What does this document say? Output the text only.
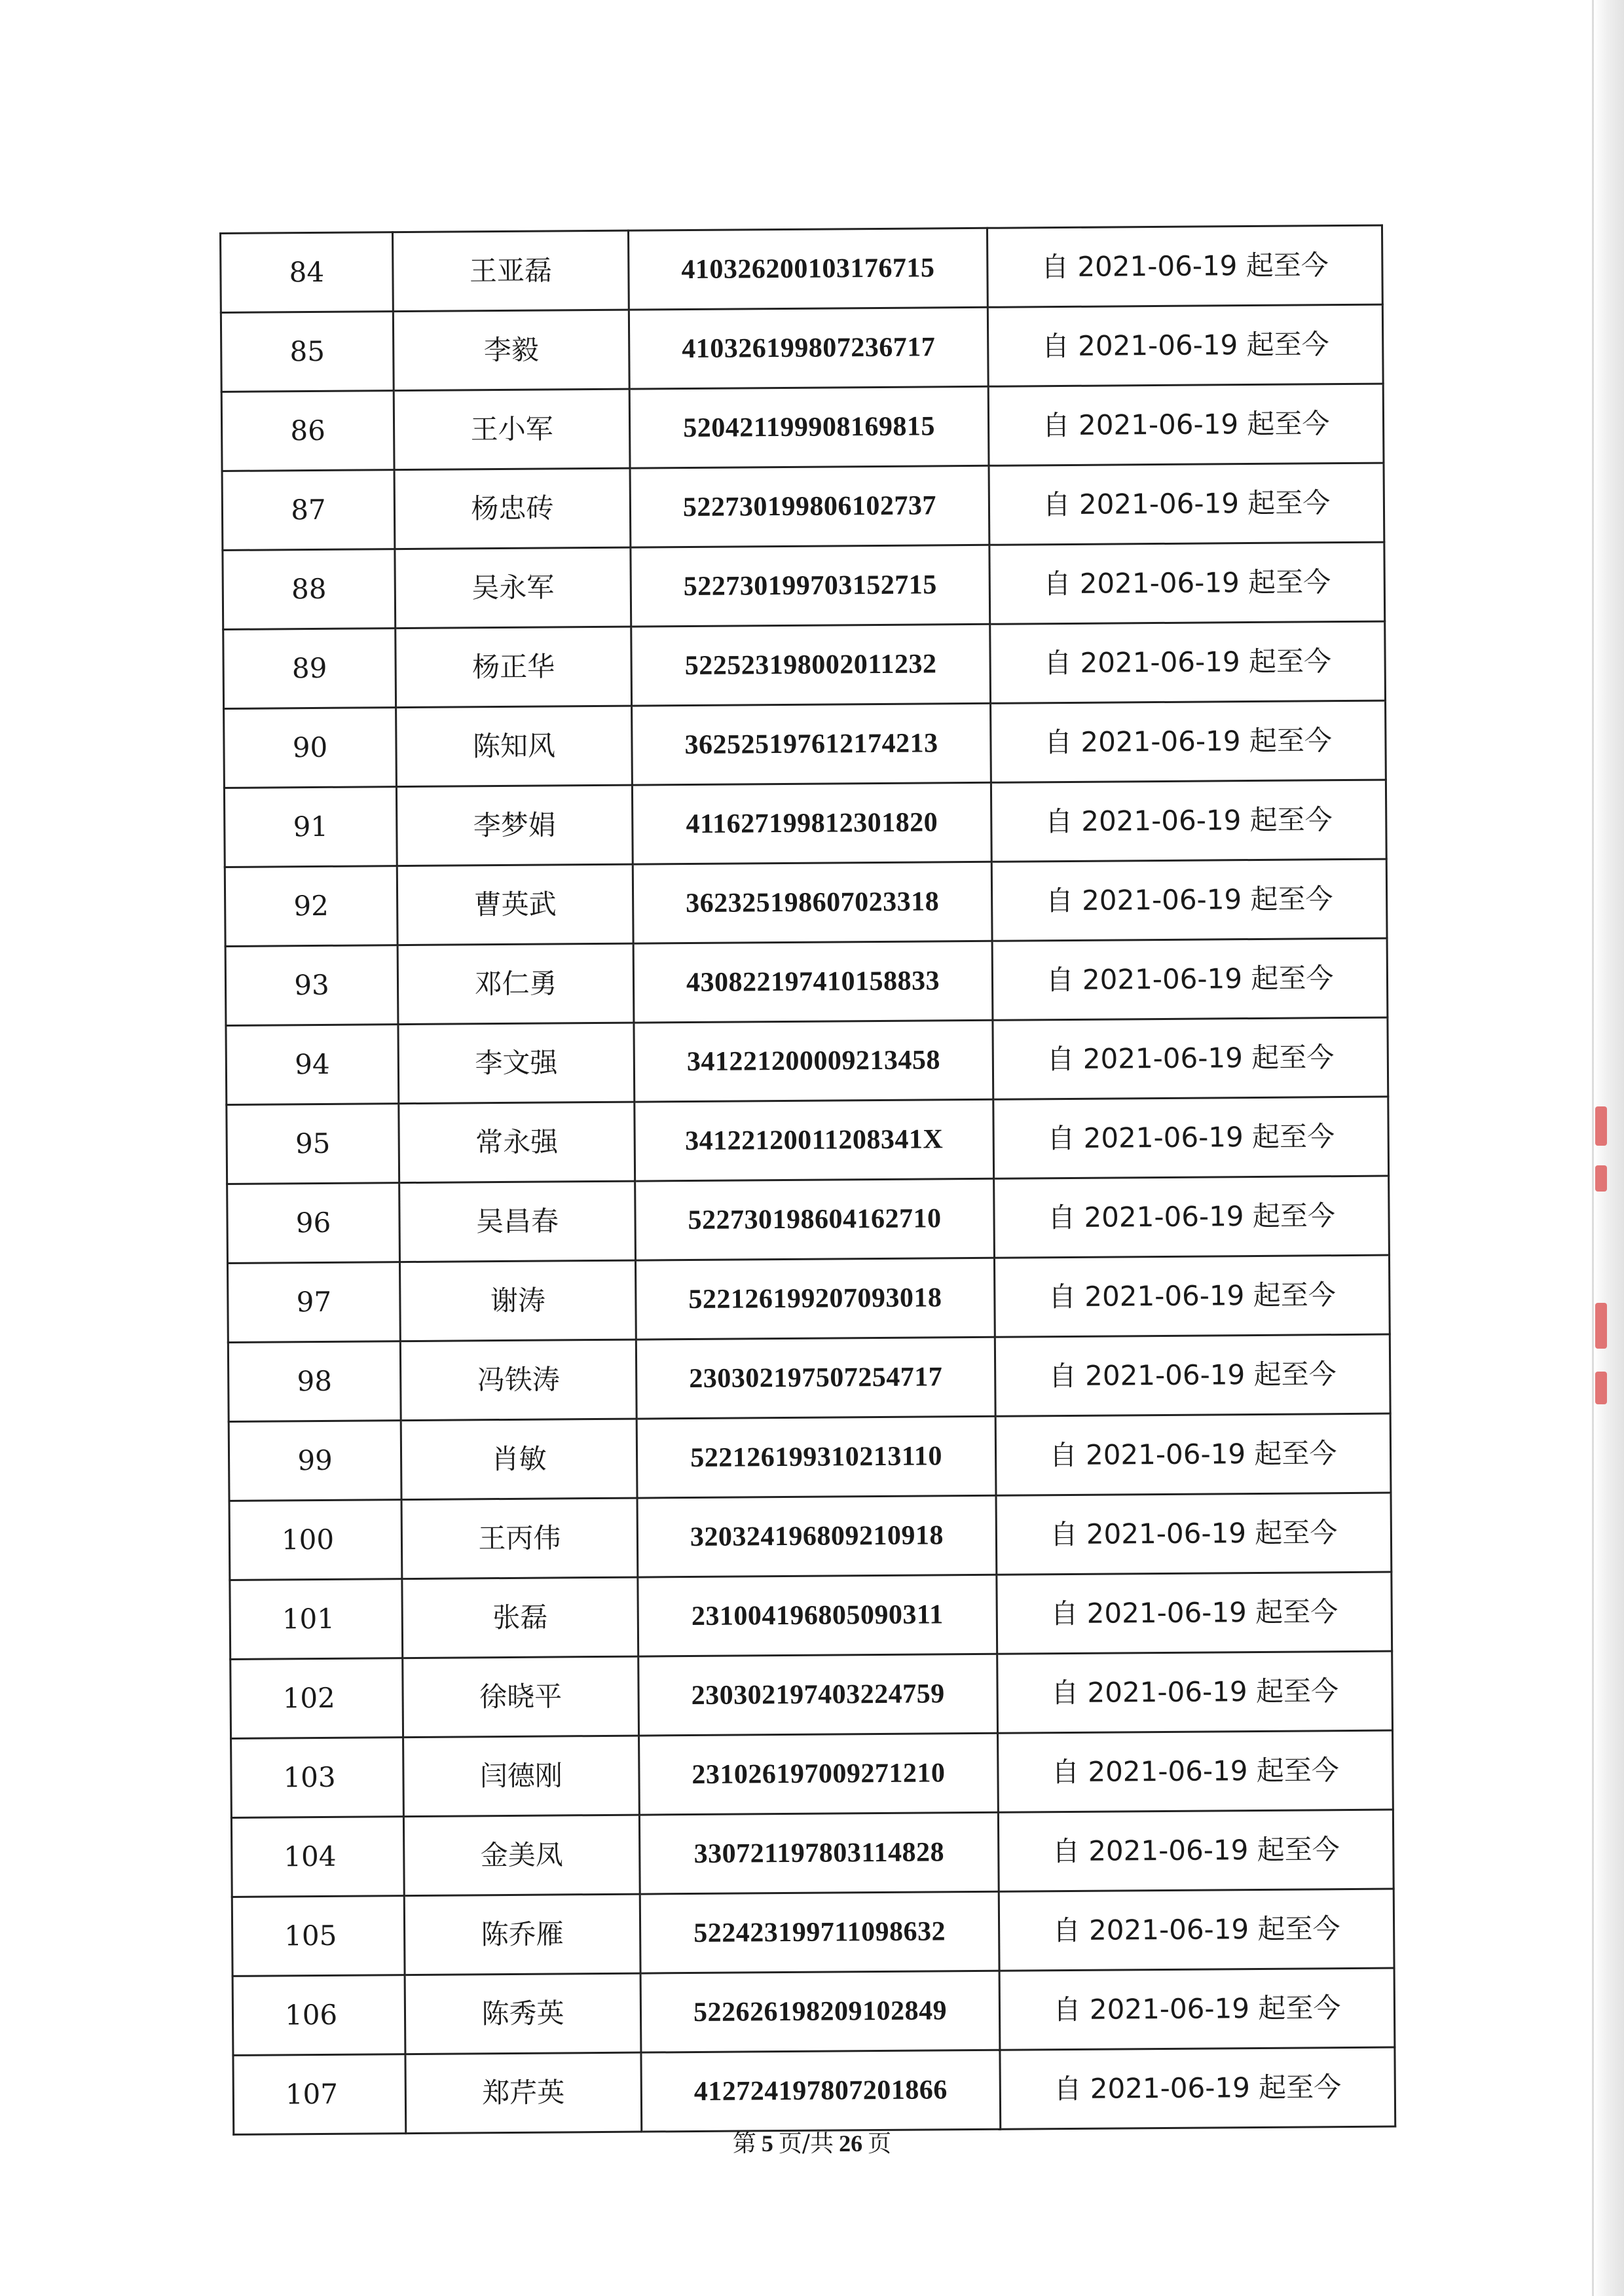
84	王亚磊	410326200103176715	自 2021-06-19 起至今
85	李毅	410326199807236717	自 2021-06-19 起至今
86	王小军	520421199908169815	自 2021-06-19 起至今
87	杨忠砖	522730199806102737	自 2021-06-19 起至今
88	吴永军	522730199703152715	自 2021-06-19 起至今
89	杨正华	522523198002011232	自 2021-06-19 起至今
90	陈知风	362525197612174213	自 2021-06-19 起至今
91	李梦娟	411627199812301820	自 2021-06-19 起至今
92	曹英武	362325198607023318	自 2021-06-19 起至今
93	邓仁勇	430822197410158833	自 2021-06-19 起至今
94	李文强	341221200009213458	自 2021-06-19 起至今
95	常永强	34122120011208341X	自 2021-06-19 起至今
96	吴昌春	522730198604162710	自 2021-06-19 起至今
97	谢涛	522126199207093018	自 2021-06-19 起至今
98	冯铁涛	230302197507254717	自 2021-06-19 起至今
99	肖敏	522126199310213110	自 2021-06-19 起至今
100	王丙伟	320324196809210918	自 2021-06-19 起至今
101	张磊	231004196805090311	自 2021-06-19 起至今
102	徐晓平	230302197403224759	自 2021-06-19 起至今
103	闫德刚	231026197009271210	自 2021-06-19 起至今
104	金美凤	330721197803114828	自 2021-06-19 起至今
105	陈乔雁	522423199711098632	自 2021-06-19 起至今
106	陈秀英	522626198209102849	自 2021-06-19 起至今
107	郑芹英	412724197807201866	自 2021-06-19 起至今
第 5 页/共 26 页
